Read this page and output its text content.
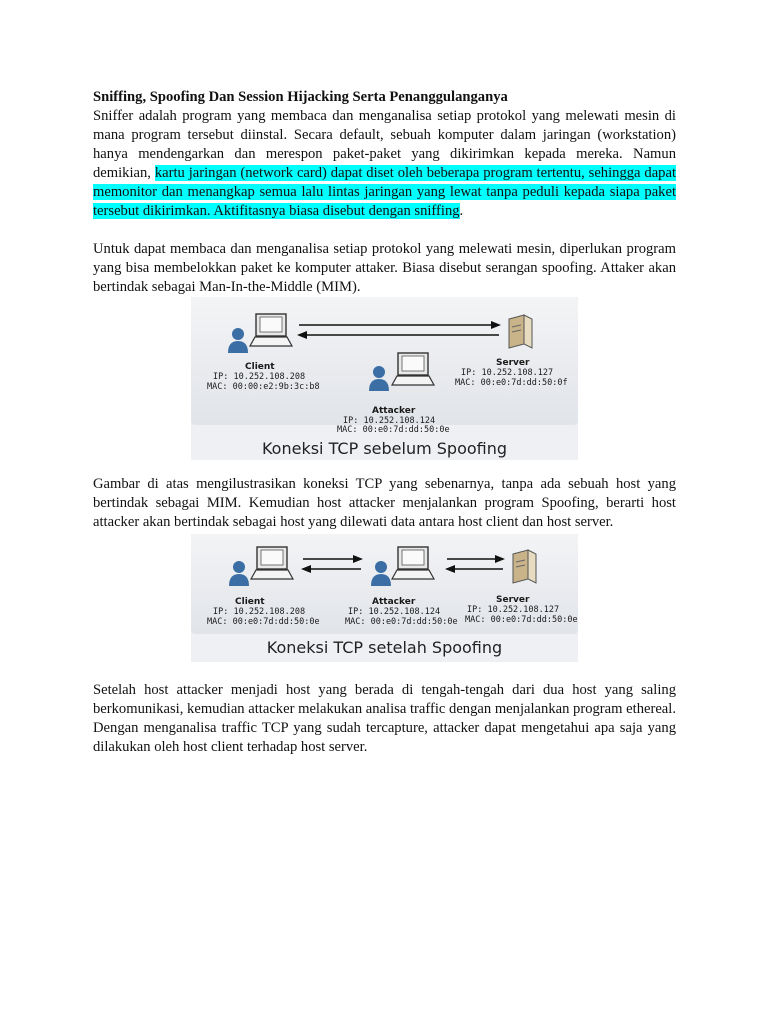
Sniffing, Spoofing Dan Session Hijacking Serta Penanggulanganya

Sniffer adalah program yang membaca dan menganalisa setiap protokol yang melewati mesin di mana program tersebut diinstal. Secara default, sebuah komputer dalam jaringan (workstation) hanya mendengarkan dan merespon paket-paket yang dikirimkan kepada mereka. Namun demikian, kartu jaringan (network card) dapat diset oleh beberapa program tertentu, sehingga dapat memonitor dan menangkap semua lalu lintas jaringan yang lewat tanpa peduli kepada siapa paket tersebut dikirimkan. Aktifitasnya biasa disebut dengan sniffing.

Untuk dapat membaca dan menganalisa setiap protokol yang melewati mesin, diperlukan program yang bisa membelokkan paket ke komputer attaker. Biasa disebut serangan spoofing. Attaker akan bertindak sebagai Man-In-the-Middle (MIM).

Client
IP: 10.252.108.208
MAC: 00:00:e2:9b:3c:b8
Server
IP: 10.252.108.127
MAC: 00:e0:7d:dd:50:0f
Attacker
IP: 10.252.108.124
MAC: 00:e0:7d:dd:50:0e
Koneksi TCP sebelum Spoofing

Gambar di atas mengilustrasikan koneksi TCP yang sebenarnya, tanpa ada sebuah host yang bertindak sebagai MIM. Kemudian host attacker menjalankan program Spoofing, berarti host attacker akan bertindak sebagai host yang dilewati data antara host client dan host server.

Client
IP: 10.252.108.208
MAC: 00:e0:7d:dd:50:0e
Attacker
IP: 10.252.108.124
MAC: 00:e0:7d:dd:50:0e
Server
IP: 10.252.108.127
MAC: 00:e0:7d:dd:50:0e
Koneksi TCP setelah Spoofing

Setelah host attacker menjadi host yang berada di tengah-tengah dari dua host yang saling berkomunikasi, kemudian attacker melakukan analisa traffic dengan menjalankan program ethereal. Dengan menganalisa traffic TCP yang sudah tercapture, attacker dapat mengetahui apa saja yang dilakukan oleh host client terhadap host server.
